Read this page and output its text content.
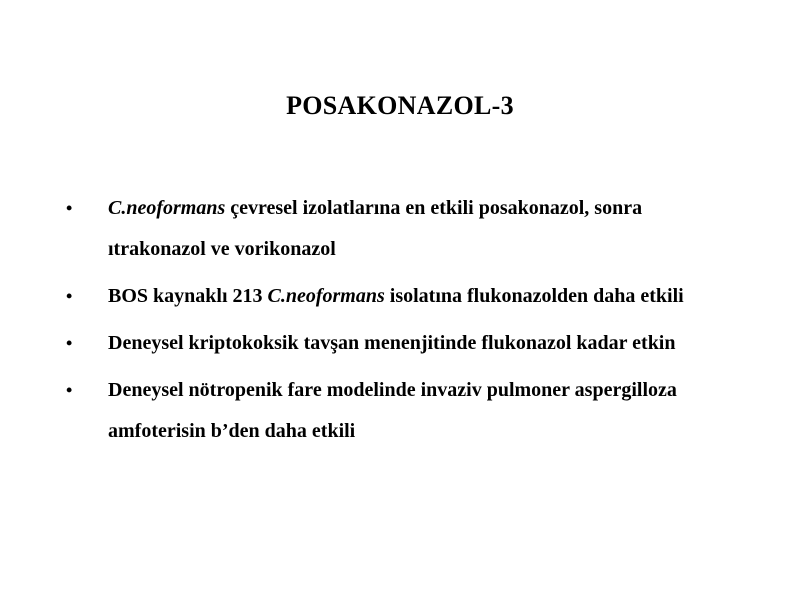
POSAKONAZOL-3
• C.neoformans çevresel izolatlarına en etkili posakonazol, sonra ıtrakonazol ve vorikonazol
• BOS kaynaklı 213 C.neoformans isolatına flukonazolden daha etkili
• Deneysel kriptokoksik tavşan menenjitinde flukonazol kadar etkin
• Deneysel nötropenik fare modelinde invaziv pulmoner aspergilloza amfoterisin b’den daha etkili
